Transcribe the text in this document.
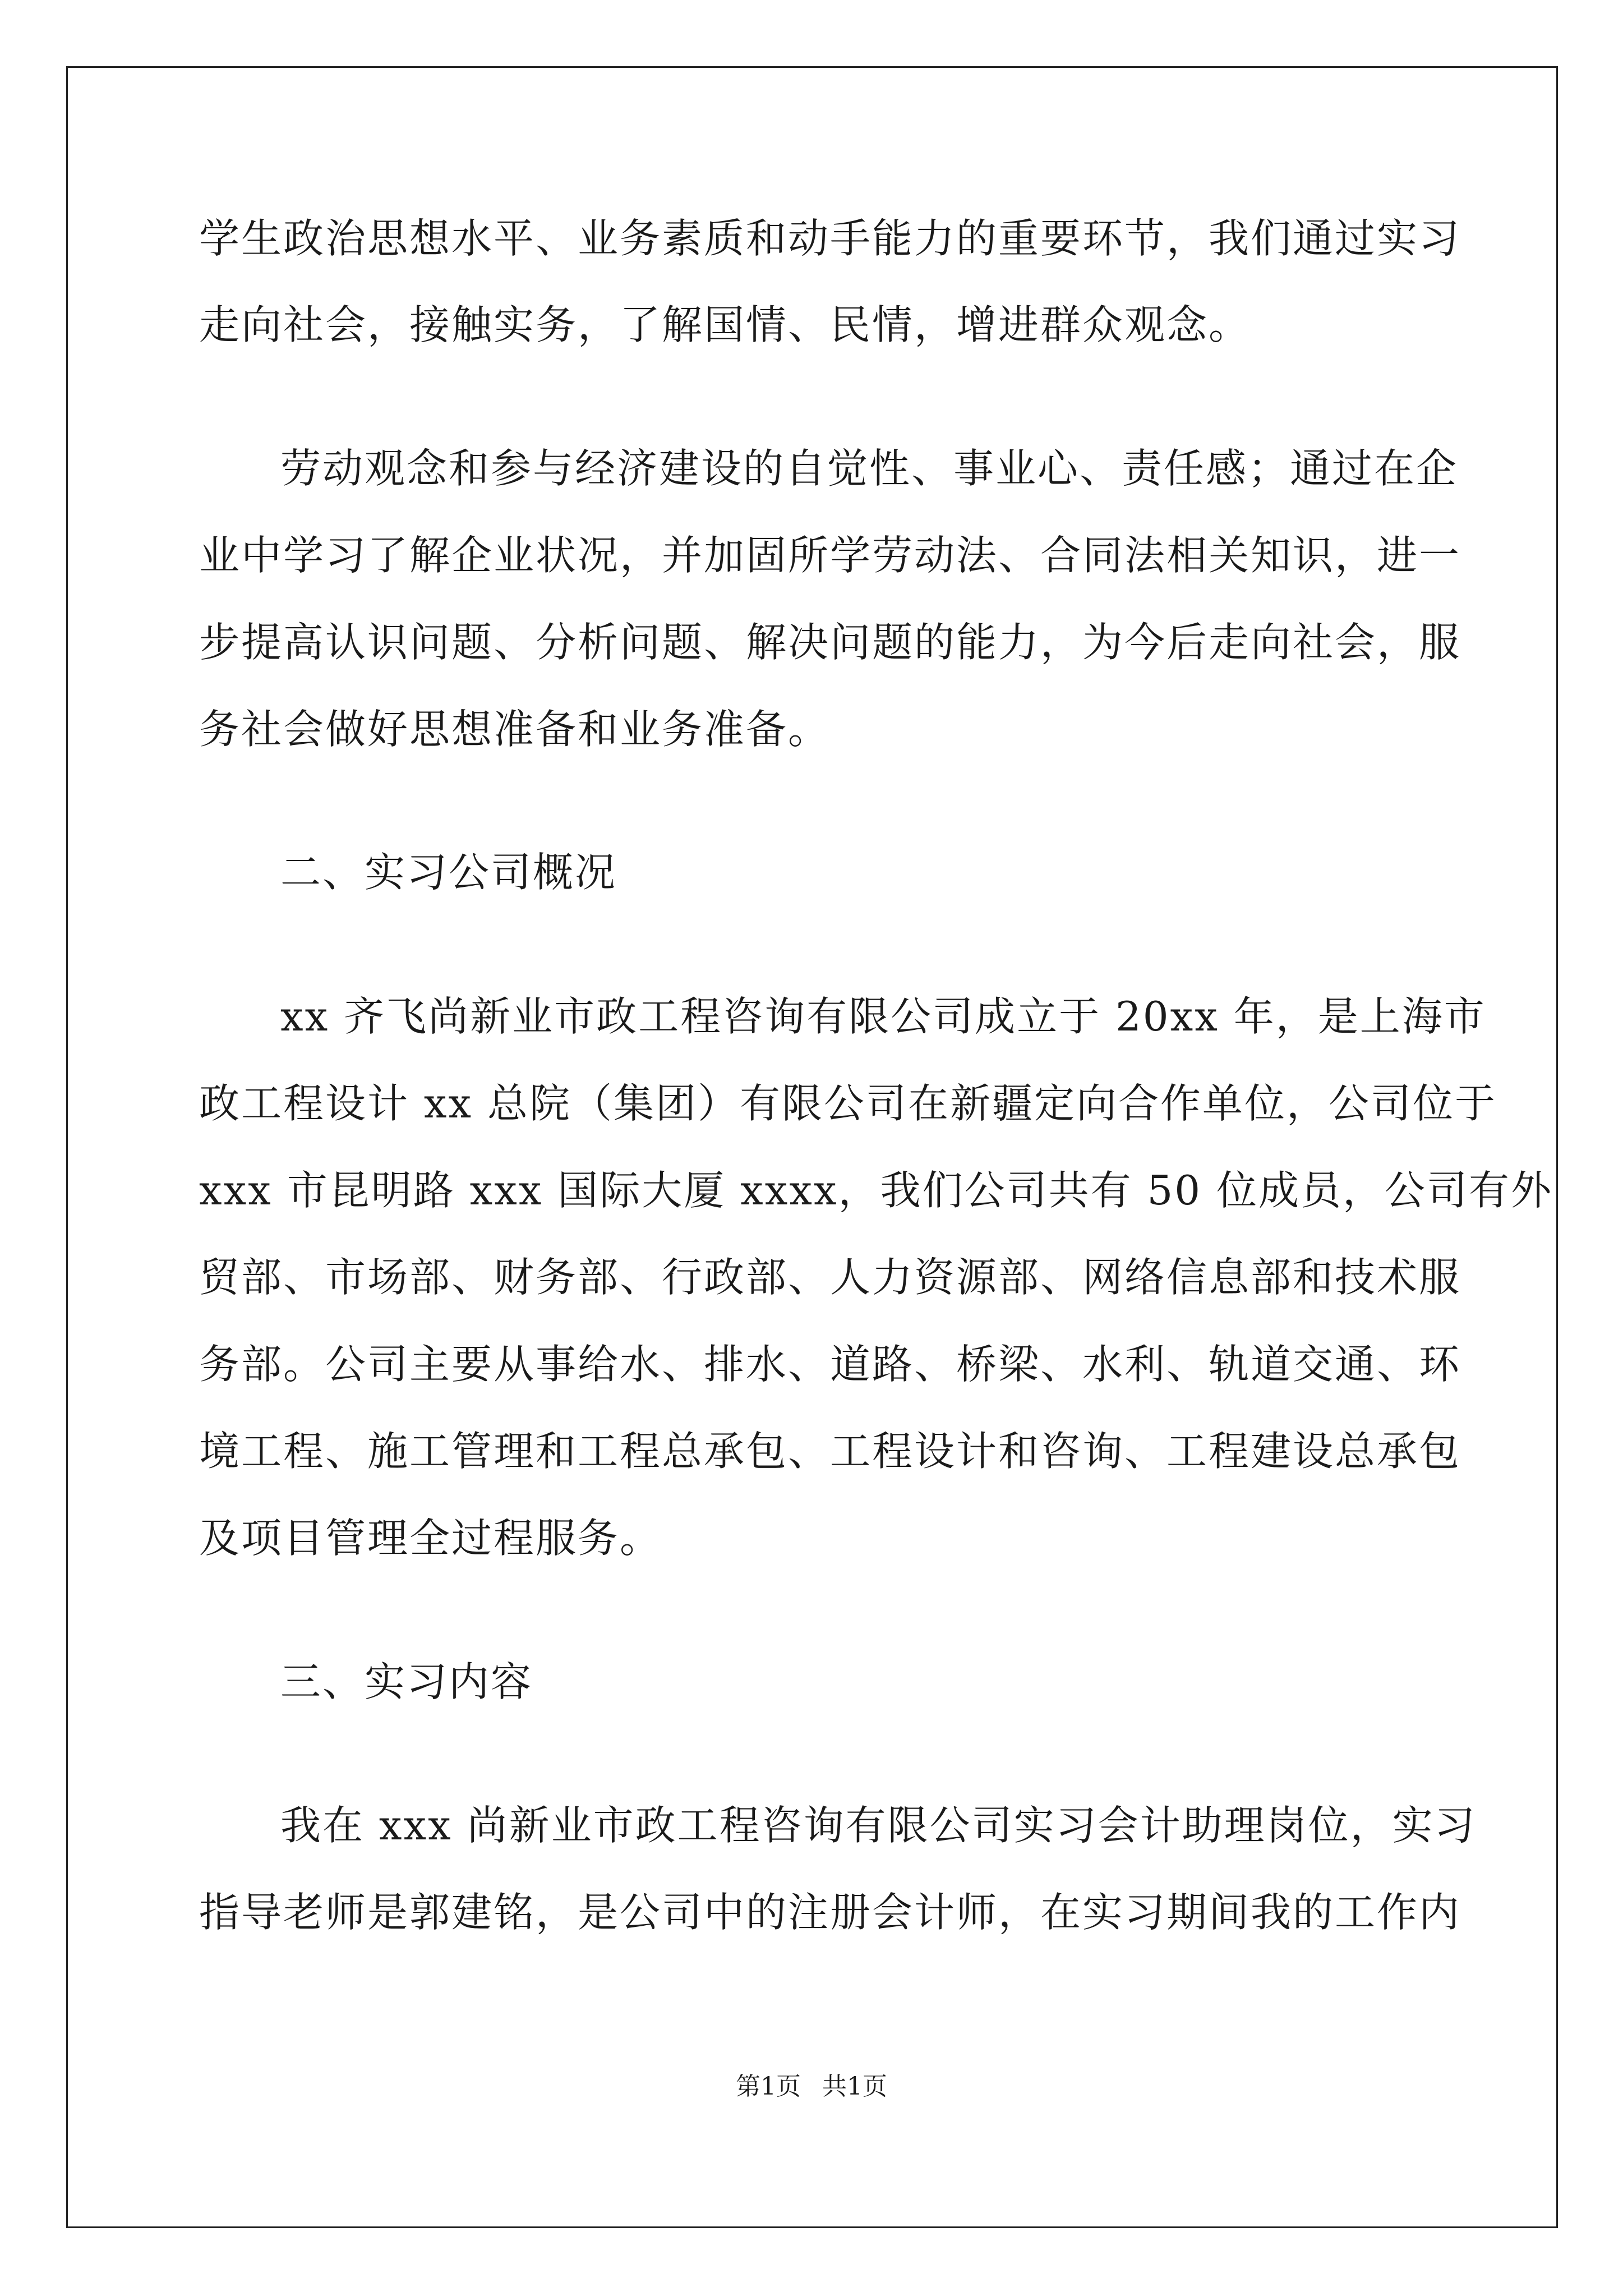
学生政治思想水平、业务素质和动手能力的重要环节，我们通过实习
走向社会，接触实务，了解国情、民情，增进群众观念。
劳动观念和参与经济建设的自觉性、事业心、责任感；通过在企
业中学习了解企业状况，并加固所学劳动法、合同法相关知识，进一
步提高认识问题、分析问题、解决问题的能力，为今后走向社会，服
务社会做好思想准备和业务准备。
二、实习公司概况
xx 齐飞尚新业市政工程咨询有限公司成立于 20xx 年，是上海市
政工程设计 xx 总院（集团）有限公司在新疆定向合作单位，公司位于
xxx 市昆明路 xxx 国际大厦 xxxx，我们公司共有 50 位成员，公司有外
贸部、市场部、财务部、行政部、人力资源部、网络信息部和技术服
务部。公司主要从事给水、排水、道路、桥梁、水利、轨道交通、环
境工程、施工管理和工程总承包、工程设计和咨询、工程建设总承包
及项目管理全过程服务。
三、实习内容
我在 xxx 尚新业市政工程咨询有限公司实习会计助理岗位，实习
指导老师是郭建铭，是公司中的注册会计师，在实习期间我的工作内
第1页 共1页
